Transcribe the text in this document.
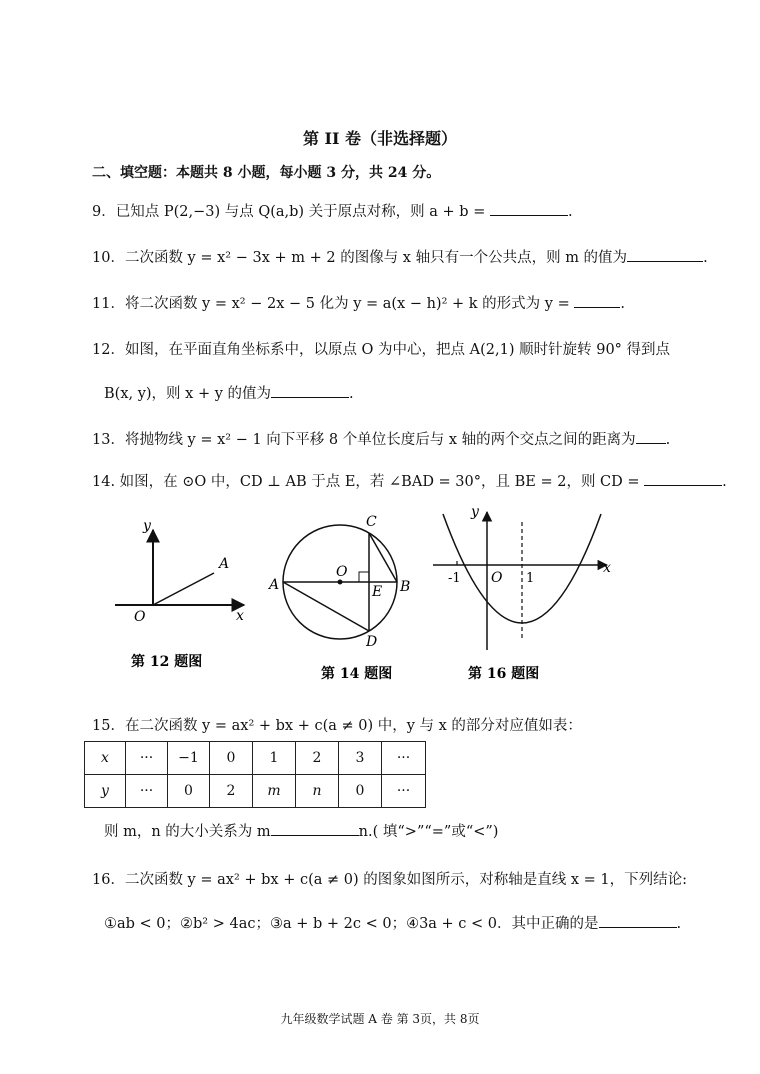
第 II 卷（非选择题）
二、填空题：本题共 8 小题，每小题 3 分，共 24 分。
9．已知点 P(2,−3) 与点 Q(a,b) 关于原点对称，则 a + b =	.
10．二次函数 y = x² − 3x + m + 2 的图像与 x 轴只有一个公共点，则 m 的值为	.
11．将二次函数 y = x² − 2x − 5 化为 y = a(x − h)² + k 的形式为 y =	.
12．如图，在平面直角坐标系中，以原点 O 为中心，把点 A(2,1) 顺时针旋转 90° 得到点
B(x, y)，则 x + y 的值为	.
13．将抛物线 y = x² − 1 向下平移 8 个单位长度后与 x 轴的两个交点之间的距离为 .
14. 如图，在 ⊙O 中，CD ⊥ AB 于点 E，若 ∠BAD = 30°，且 BE = 2，则 CD =	.
y
x
A
O
C
A
O
B
E
D
y
x
-1 O 1
第 12 题图
第 14 题图	第 16 题图
15．在二次函数 y = ax² + bx + c(a ≠ 0) 中，y 与 x 的部分对应值如表：
x	···	−1	0	1	2	3	···
y	···	0	2	m	n	0	···
则 m，n 的大小关系为 m	n.( 填“>”“=”或“<”)
16．二次函数 y = ax² + bx + c(a ≠ 0) 的图象如图所示，对称轴是直线 x = 1，下列结论:
①ab < 0；②b² > 4ac；③a + b + 2c < 0；④3a + c < 0．其中正确的是	.
九年级数学试题 A 卷 第 3页，共 8页
